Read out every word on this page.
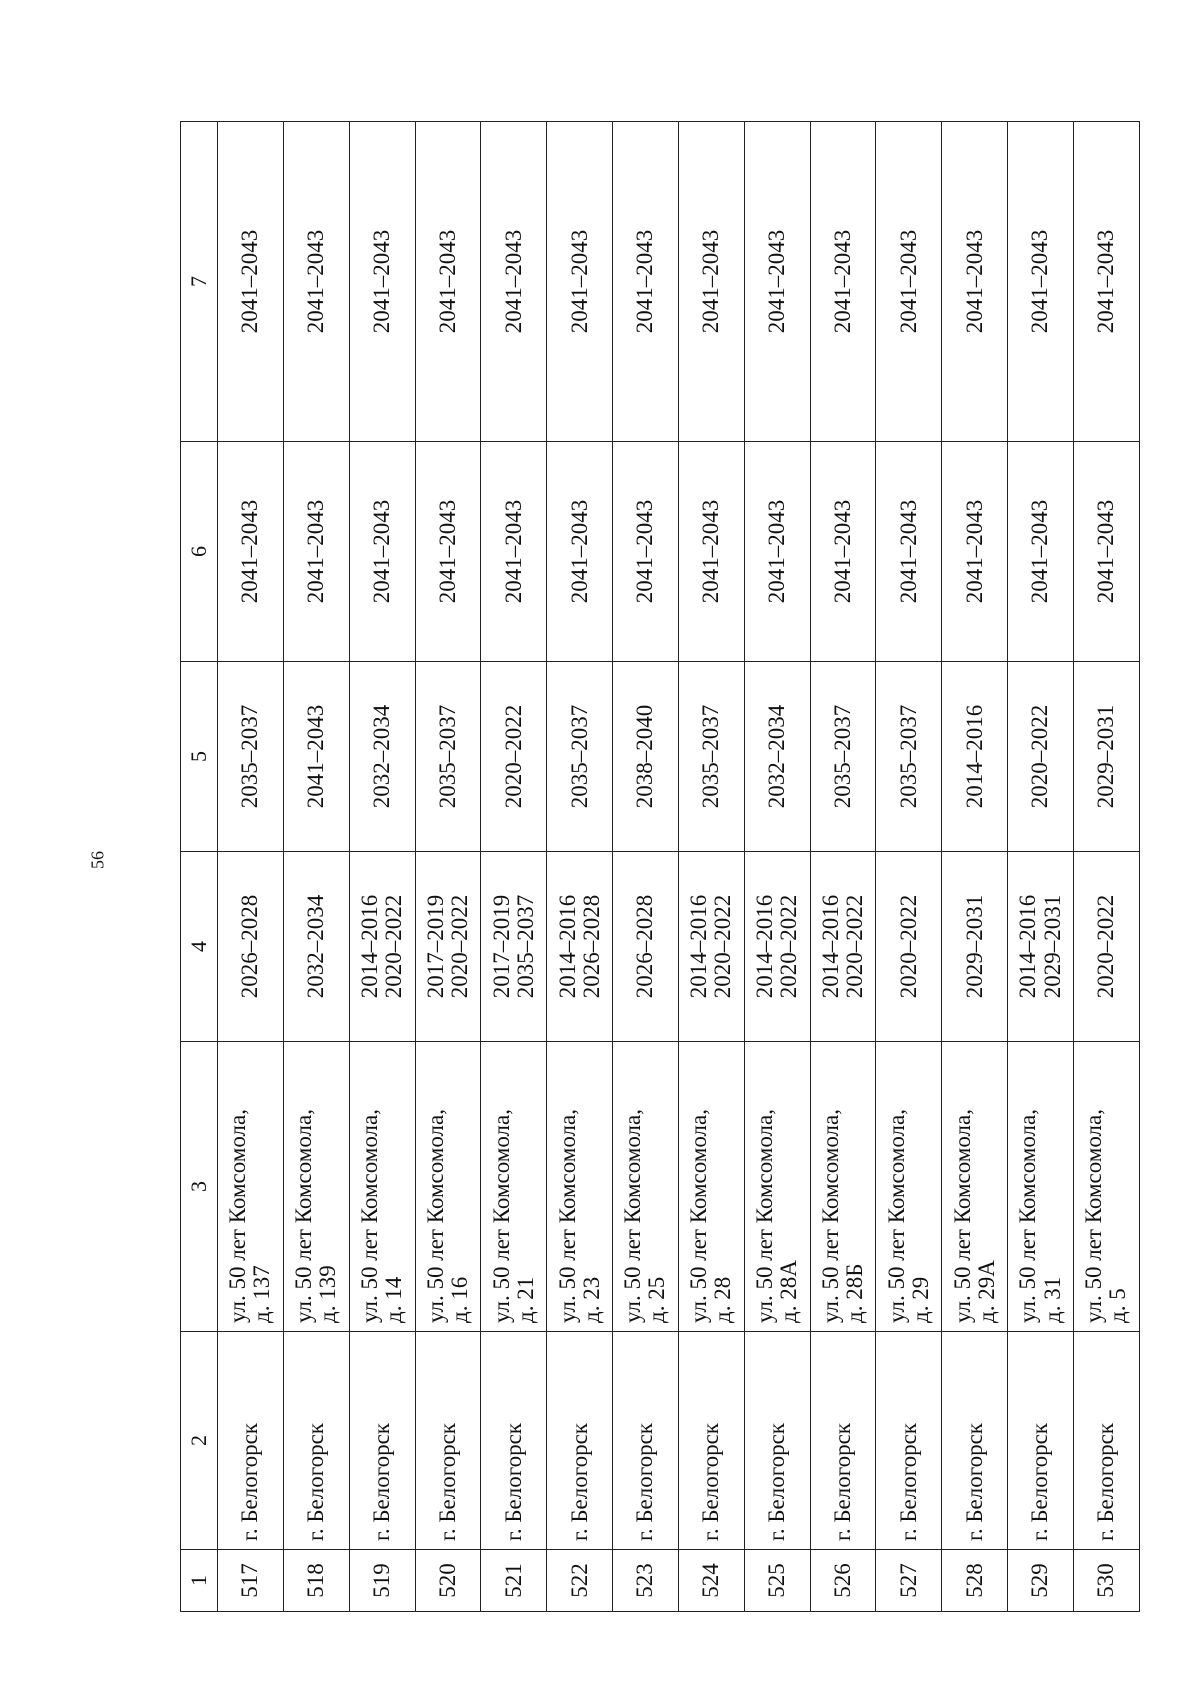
56
1	2	3	4	5	6	7
517	г. Белогорск	ул. 50 лет Комсомола,
д. 137	2026–2028	2035–2037	2041–2043	2041–2043
518	г. Белогорск	ул. 50 лет Комсомола,
д. 139	2032–2034	2041–2043	2041–2043	2041–2043
519	г. Белогорск	ул. 50 лет Комсомола,
д. 14	2014–2016 2020–2022	2032–2034	2041–2043	2041–2043
520	г. Белогорск	ул. 50 лет Комсомола,
д. 16	2017–2019 2020–2022	2035–2037	2041–2043	2041–2043
521	г. Белогорск	ул. 50 лет Комсомола,
д. 21	2017–2019 2035–2037	2020–2022	2041–2043	2041–2043
522	г. Белогорск	ул. 50 лет Комсомола,
д. 23	2014–2016 2026–2028	2035–2037	2041–2043	2041–2043
523	г. Белогорск	ул. 50 лет Комсомола,
д. 25	2026–2028	2038–2040	2041–2043	2041–2043
524	г. Белогорск	ул. 50 лет Комсомола,
д. 28	2014–2016 2020–2022	2035–2037	2041–2043	2041–2043
525	г. Белогорск	ул. 50 лет Комсомола,
д. 28А	2014–2016 2020–2022	2032–2034	2041–2043	2041–2043
526	г. Белогорск	ул. 50 лет Комсомола,
д. 28Б	2014–2016 2020–2022	2035–2037	2041–2043	2041–2043
527	г. Белогорск	ул. 50 лет Комсомола,
д. 29	2020–2022	2035–2037	2041–2043	2041–2043
528	г. Белогорск	ул. 50 лет Комсомола,
д. 29А	2029–2031	2014–2016	2041–2043	2041–2043
529	г. Белогорск	ул. 50 лет Комсомола,
д. 31	2014–2016 2029–2031	2020–2022	2041–2043	2041–2043
530	г. Белогорск	ул. 50 лет Комсомола,
д. 5	2020–2022	2029–2031	2041–2043	2041–2043
